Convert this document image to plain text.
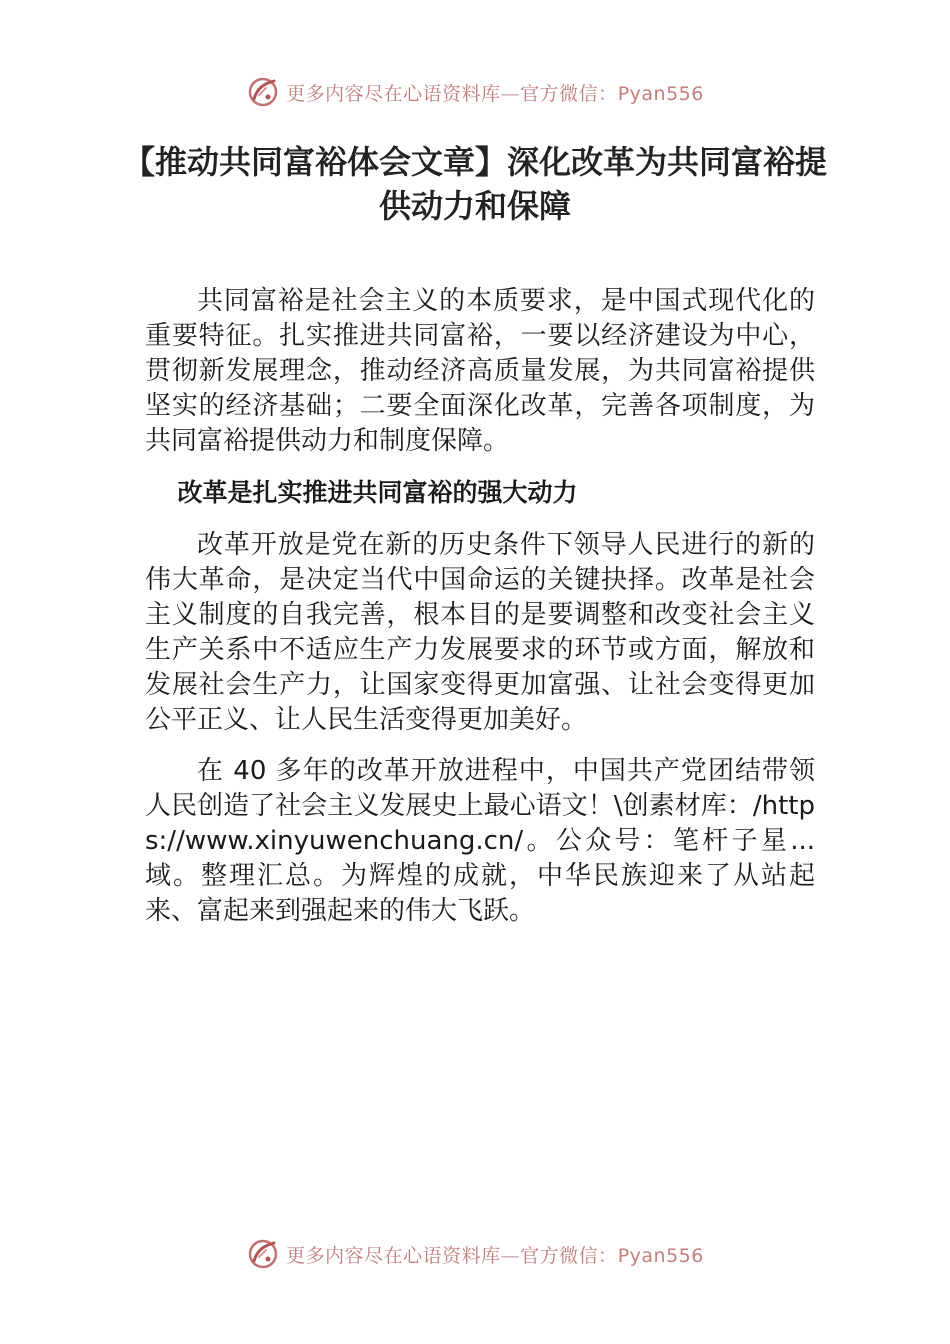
更多内容尽在心语资料库—官方微信：Pyan556
【推动共同富裕体会文章】深化改革为共同富裕提供动力和保障

共同富裕是社会主义的本质要求，是中国式现代化的重要特征。扎实推进共同富裕，一要以经济建设为中心，贯彻新发展理念，推动经济高质量发展，为共同富裕提供坚实的经济基础；二要全面深化改革，完善各项制度，为共同富裕提供动力和制度保障。

改革是扎实推进共同富裕的强大动力

改革开放是党在新的历史条件下领导人民进行的新的伟大革命，是决定当代中国命运的关键抉择。改革是社会主义制度的自我完善，根本目的是要调整和改变社会主义生产关系中不适应生产力发展要求的环节或方面，解放和发展社会生产力，让国家变得更加富强、让社会变得更加公平正义、让人民生活变得更加美好。

在 40 多年的改革开放进程中，中国共产党团结带领人民创造了社会主义发展史上最心语文！\创素材库：/https://www.xinyuwenchuang.cn/。公众号：笔杆子星...域。整理汇总。为辉煌的成就，中华民族迎来了从站起来、富起来到强起来的伟大飞跃。

更多内容尽在心语资料库—官方微信：Pyan556
